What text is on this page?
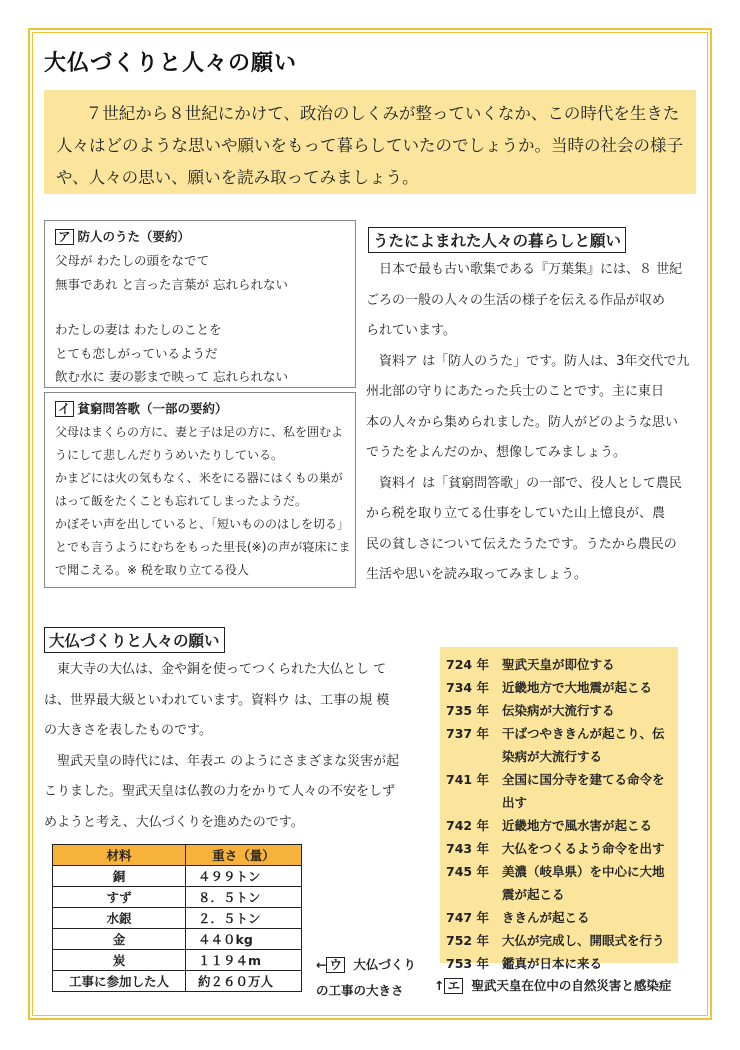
大仏づくりと人々の願い
７世紀から８世紀にかけて、政治のしくみが整っていくなか、この時代を生きた人々はどのような思いや願いをもって暮らしていたのでしょうか。当時の社会の様子や、人々の思い、願いを読み取ってみましょう。
ア 防人のうた（要約）
父母が わたしの頭をなでて
無事であれ と言った言葉が 忘れられない
わたしの妻は わたしのことを
とても恋しがっているようだ
飲む水に 妻の影まで映って 忘れられない
イ 貧窮問答歌（一部の要約）
父母はまくらの方に、妻と子は足の方に、私を囲むよ
うにして悲しんだりうめいたりしている。
かまどには火の気もなく、米をにる器にはくもの巣が
はって飯をたくことも忘れてしまったようだ。
かぼそい声を出していると、「短いもののはしを切る」
とでも言うようにむちをもった里長(※)の声が寝床にま
で聞こえる。※ 税を取り立てる役人
うたによまれた人々の暮らしと願い
　日本で最も古い歌集である『万葉集』には、８ 世紀
ごろの一般の人々の生活の様子を伝える作品が収め
られています。
　資料ア は「防人のうた」です。防人は、3年交代で九
州北部の守りにあたった兵士のことです。主に東日
本の人々から集められました。防人がどのような思い
でうたをよんだのか、想像してみましょう。
　資料イ は「貧窮問答歌」の一部で、役人として農民
から税を取り立てる仕事をしていた山上憶良が、農
民の貧しさについて伝えたうたです。うたから農民の
生活や思いを読み取ってみましょう。
大仏づくりと人々の願い
　東大寺の大仏は、金や銅を使ってつくられた大仏とし て
は、世界最大級といわれています。資料ウ は、工事の規 模
の大きさを表したものです。
　聖武天皇の時代には、年表エ のようにさまざまな災害が起
こりました。聖武天皇は仏教の力をかりて人々の不安をしず
めようと考え、大仏づくりを進めたのです。
724 年	聖武天皇が即位する
734 年	近畿地方で大地震が起こる
735 年	伝染病が大流行する
737 年	干ばつやききんが起こり、伝染病が大流行する
741 年	全国に国分寺を建てる命令を出す
742 年	近畿地方で風水害が起こる
743 年	大仏をつくるよう命令を出す
745 年	美濃（岐阜県）を中心に大地震が起こる
747 年	ききんが起こる
752 年	大仏が完成し、開眼式を行う
753 年	鑑真が日本に来る
材料	重さ（量）
銅	４９９トン
すず	８．５トン
水銀	２．５トン
金	４４０kg
炭	１１９４m
工事に参加した人	約２６０万人
← ウ 大仏づくり
の工事の大きさ	↑ エ 聖武天皇在位中の自然災害と感染症
